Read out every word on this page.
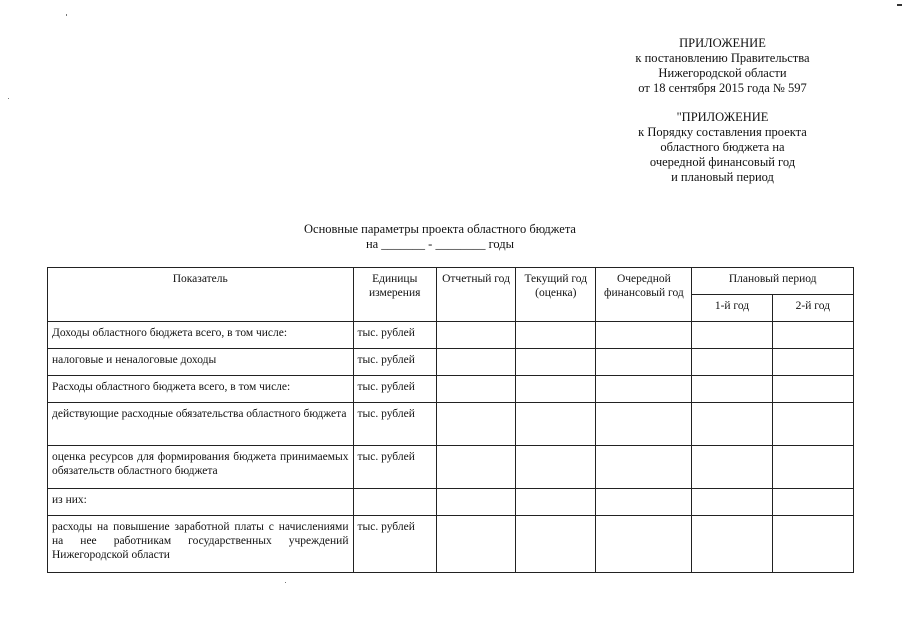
ПРИЛОЖЕНИЕ
к постановлению Правительства
Нижегородской области
от 18 сентября 2015 года № 597
"ПРИЛОЖЕНИЕ
к Порядку составления проекта
областного бюджета на
очередной финансовый год
и плановый период
Основные параметры проекта областного бюджета
на _______ - ________ годы
Показатель	Единицы измерения	Отчетный год	Текущий год (оценка)	Очередной финансовый год	Плановый период	
					1-й год	2-й год
Доходы областного бюджета всего, в том числе:	тыс. рублей					
налоговые и неналоговые доходы	тыс. рублей					
Расходы областного бюджета всего, в том числе:	тыс. рублей					
действующие расходные обязательства областного бюджета	тыс. рублей					
оценка ресурсов для формирования бюджета принимаемых обязательств областного бюджета	тыс. рублей					
из них:						
расходы на повышение заработной платы с начислениями на нее работникам государственных учреждений Нижегородской области	тыс. рублей					
